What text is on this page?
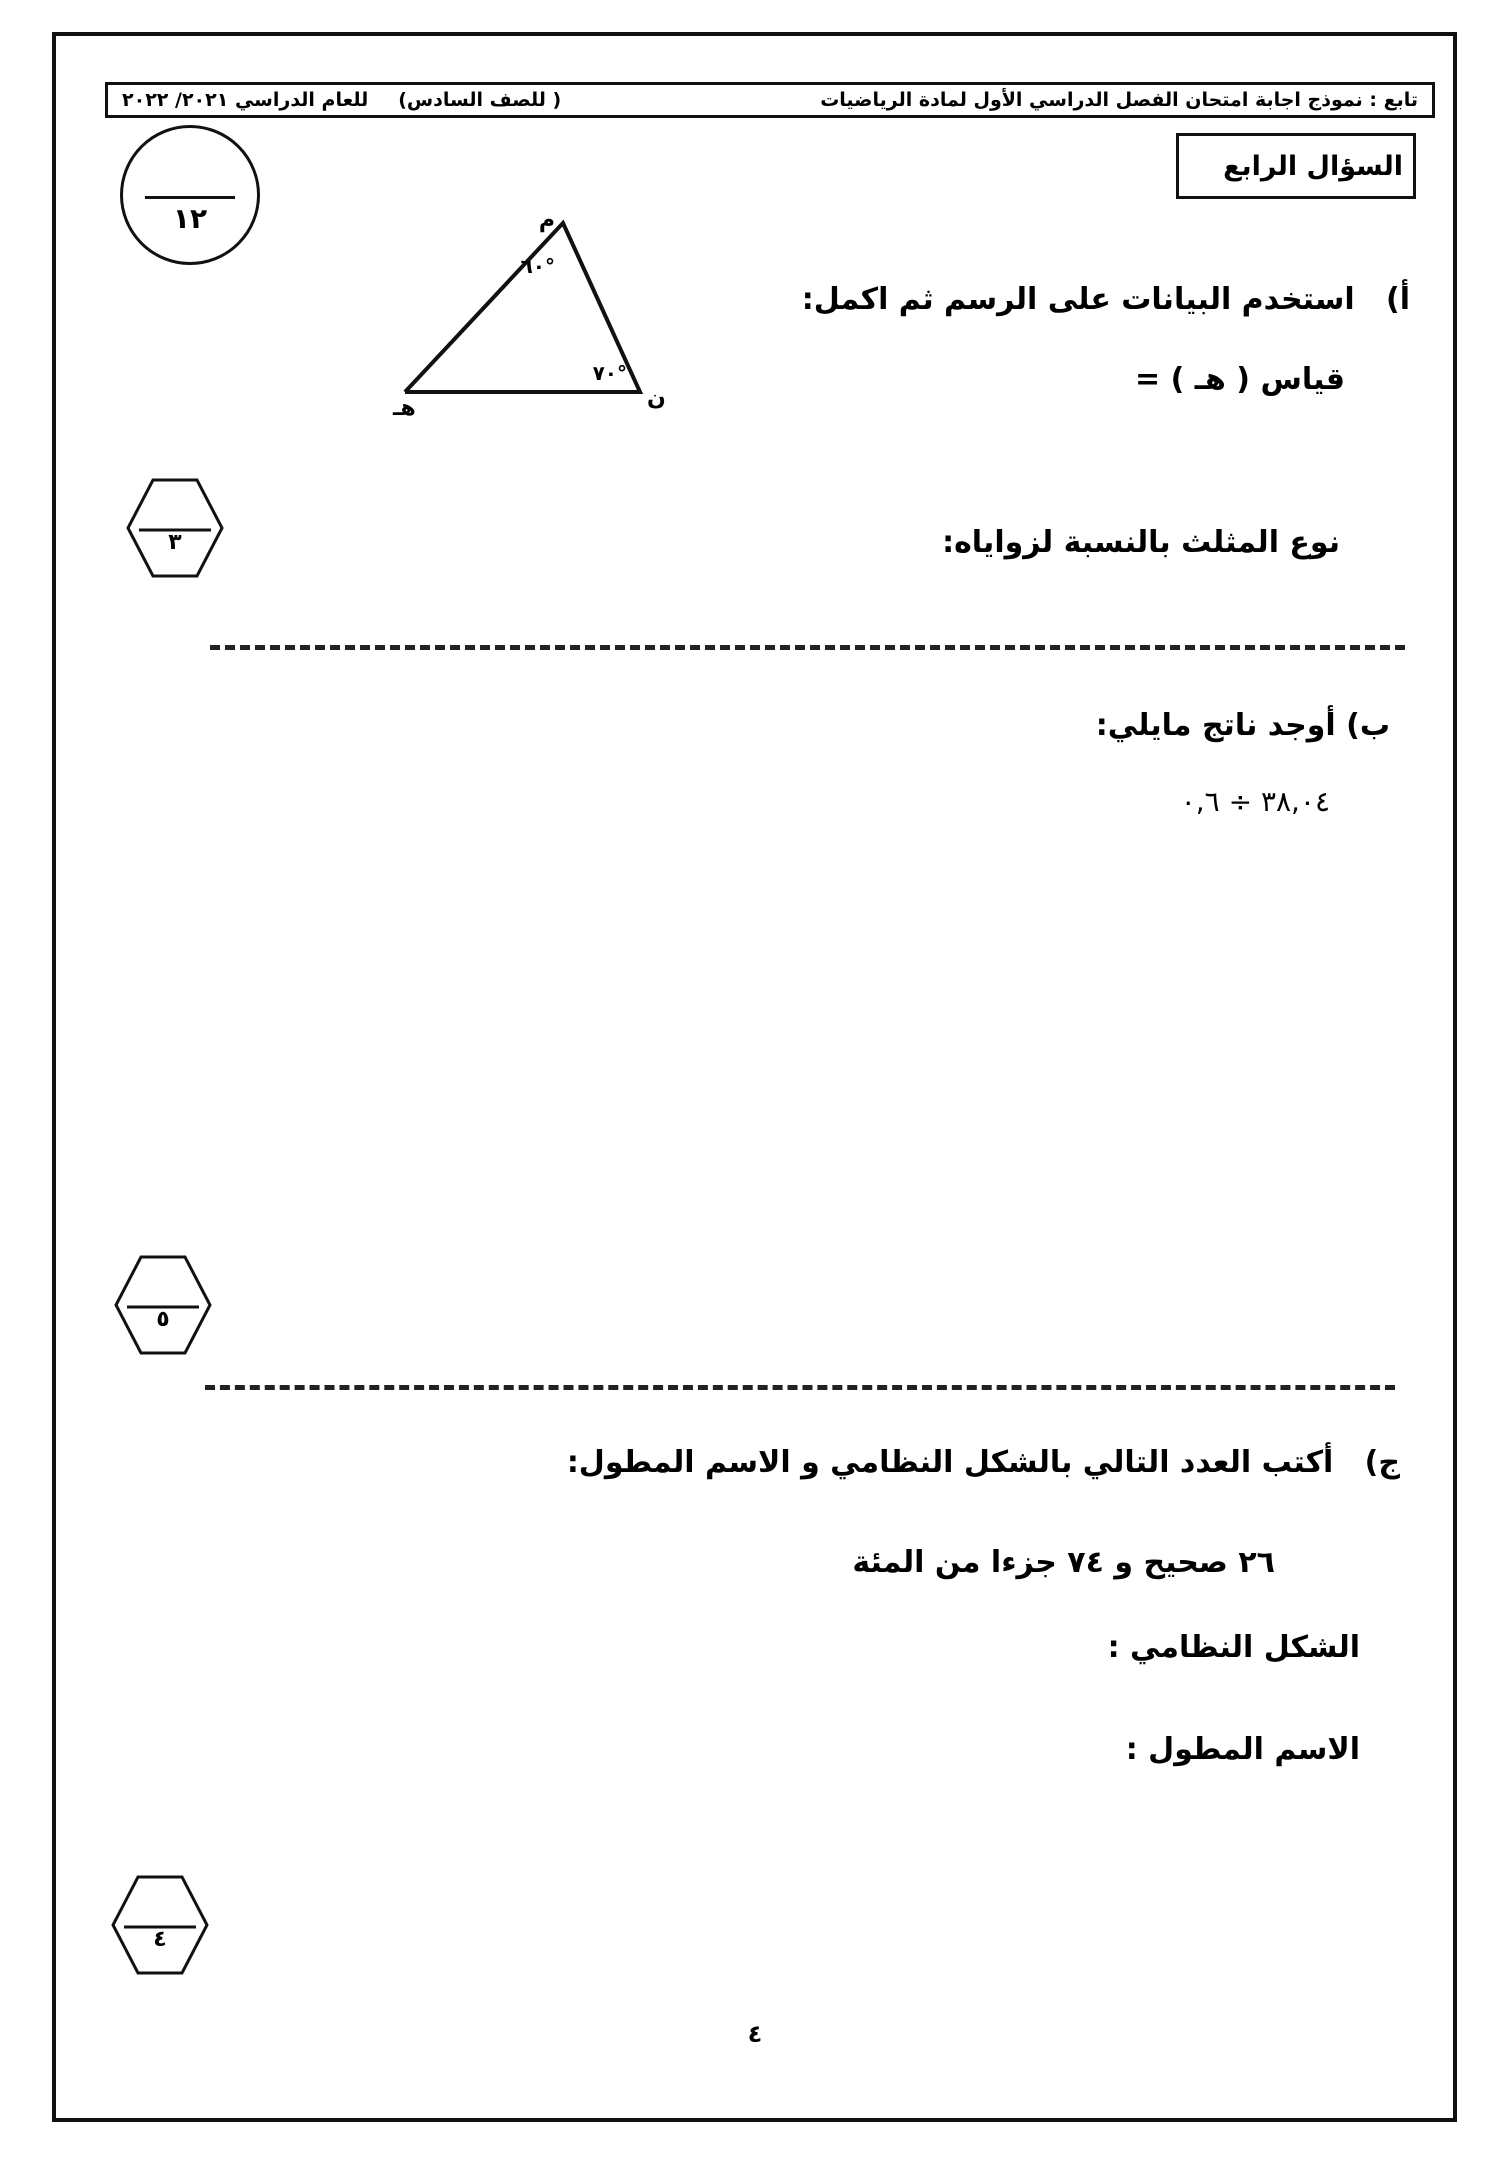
تابع : نموذج اجابة امتحان الفصل الدراسي الأول لمادة الرياضيات
( للصف السادس)
للعام الدراسي ٢٠٢١/ ٢٠٢٢
السؤال الرابع
١٢
أ)   استخدم البيانات على الرسم ثم اكمل:
قياس ( هـ ) =
م
هـ	ن
٦٠°
٧٠°
نوع المثلث بالنسبة لزواياه:
٣
ب) أوجد ناتج مايلي:
٣٨,٠٤ ÷ ٠,٦
٥
ج)   أكتب العدد التالي بالشكل النظامي و الاسم المطول:
٢٦ صحيح و ٧٤ جزءا من المئة
الشكل النظامي :
الاسم المطول :
٤
٤
